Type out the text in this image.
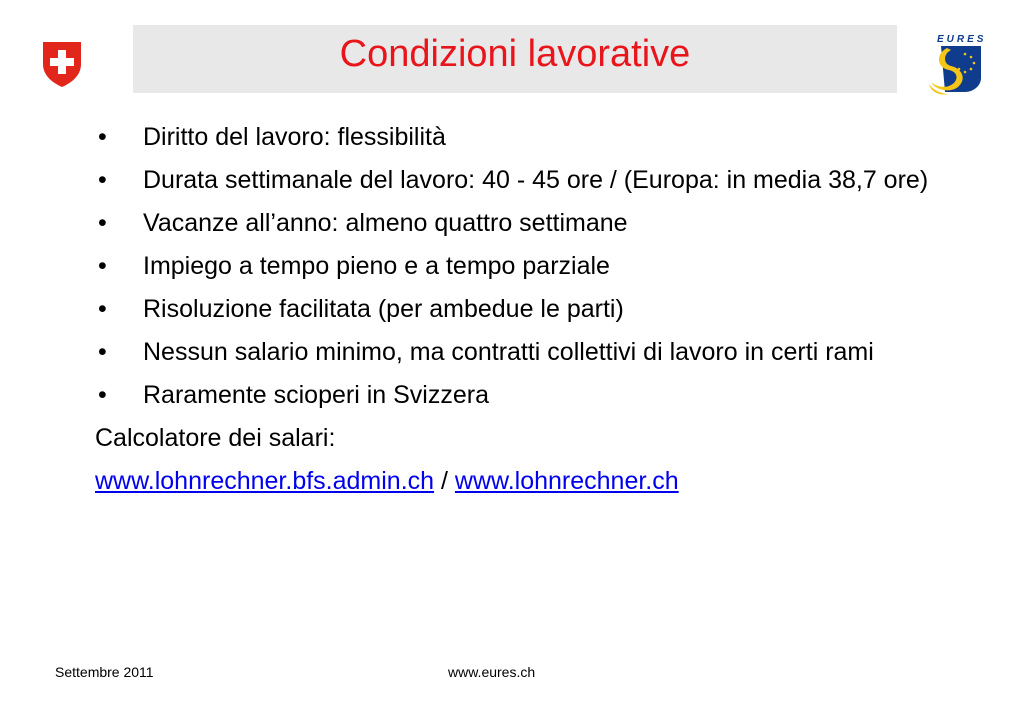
Condizioni lavorative	EURES
• Diritto del lavoro: flessibilità
• Durata settimanale del lavoro: 40 - 45 ore / (Europa: in media 38,7 ore)
• Vacanze all’anno: almeno quattro settimane
• Impiego a tempo pieno e a tempo parziale
• Risoluzione facilitata (per ambedue le parti)
• Nessun salario minimo, ma contratti collettivi di lavoro in certi rami
• Raramente scioperi in Svizzera
Calcolatore dei salari:
www.lohnrechner.bfs.admin.ch / www.lohnrechner.ch
Settembre 2011	www.eures.ch
